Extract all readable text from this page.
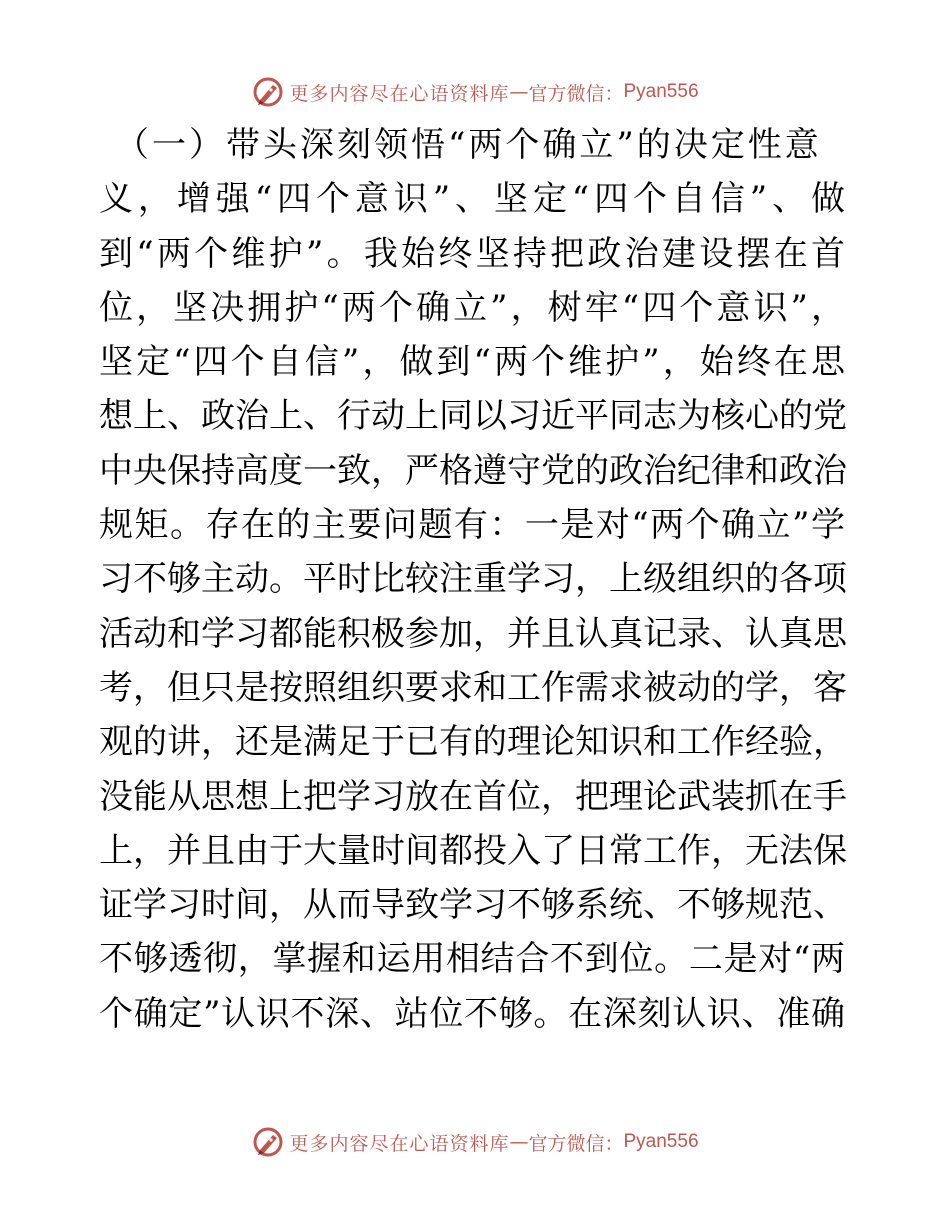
更多内容尽在心语资料库 — 官方微信： Pyan556
（一）带头深刻领悟“两个确立”的决定性意
义，增强“四个意识”、坚定“四个自信”、做
到“两个维护”。我始终坚持把政治建设摆在首
位，坚决拥护“两个确立”，树牢“四个意识”，
坚定“四个自信”，做到“两个维护”，始终在思
想上、政治上、行动上同以习近平同志为核心的党
中央保持高度一致，严格遵守党的政治纪律和政治
规矩。存在的主要问题有：一是对“两个确立”学
习不够主动。平时比较注重学习，上级组织的各项
活动和学习都能积极参加，并且认真记录、认真思
考，但只是按照组织要求和工作需求被动的学，客
观的讲，还是满足于已有的理论知识和工作经验，
没能从思想上把学习放在首位，把理论武装抓在手
上，并且由于大量时间都投入了日常工作，无法保
证学习时间，从而导致学习不够系统、不够规范、
不够透彻，掌握和运用相结合不到位。二是对“两
个确定”认识不深、站位不够。在深刻认识、准确
更多内容尽在心语资料库 — 官方微信： Pyan556
